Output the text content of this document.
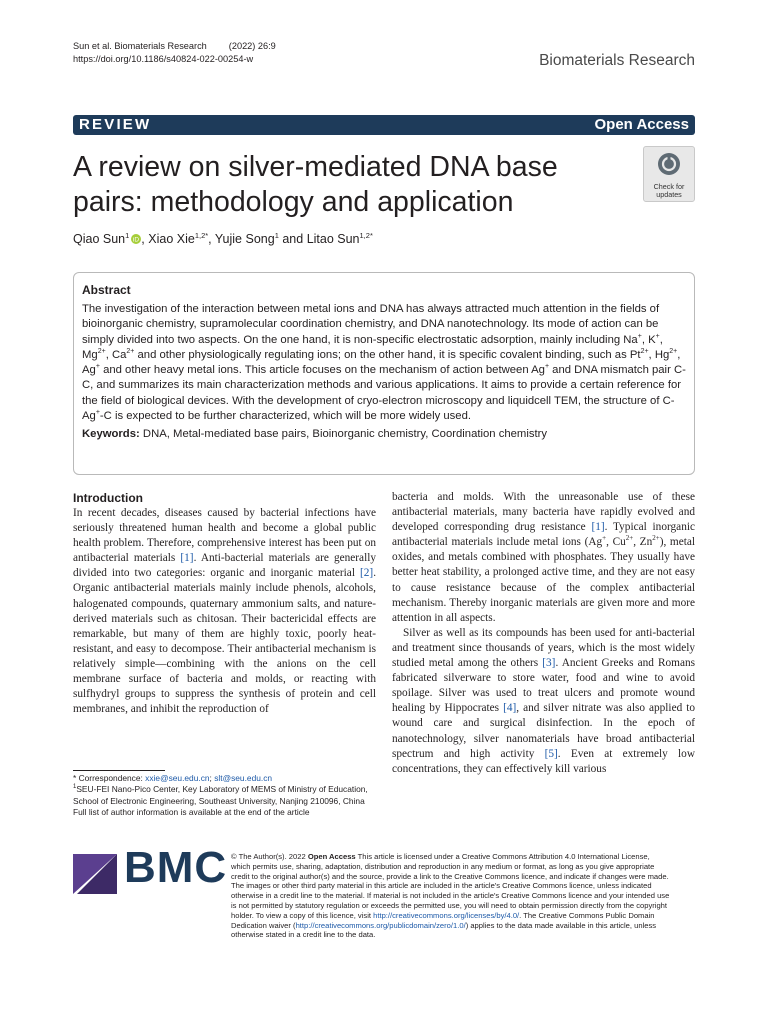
Sun et al. Biomaterials Research (2022) 26:9
https://doi.org/10.1186/s40824-022-00254-w	Biomaterials Research
REVIEW	Open Access
A review on silver-mediated DNA base pairs: methodology and application	Check for
updates
Qiao Sun$^1$
iD , Xiao Xie$^{1,2*}$, Yujie Song$^1$ and Litao Sun$^{1,2*}$
Abstract

The investigation of the interaction between metal ions and DNA has always attracted much attention in the fields of bioinorganic chemistry, supramolecular coordination chemistry, and DNA nanotechnology. Its mode of action can be simply divided into two aspects. On the one hand, it is non-specific electrostatic adsorption, mainly including Na+, K+, $Mg^{2+}$, $Ca^{2+}$ and other physiologically regulating ions; on the other hand, it is specific covalent binding, such as $Pt^{2+}$, $Hg^{2+}$, Ag+ and other heavy metal ions. This article focuses on the mechanism of action between Ag+ and DNA mismatch pair C-C, and summarizes its main characterization methods and various applications. It aims to provide a certain reference for the field of biological devices. With the development of cryo-electron microscopy and liquidcell TEM, the structure of C-Ag+-C is expected to be further characterized, which will be more widely used.

Keywords: DNA, Metal-mediated base pairs, Bioinorganic chemistry, Coordination chemistry
Introduction

In recent decades, diseases caused by bacterial infections have seriously threatened human health and become a global public health problem. Therefore, comprehensive interest has been put on antibacterial materials [1]. Anti-bacterial materials are generally divided into two categories: organic and inorganic material [2]. Organic antibacterial materials mainly include phenols, alcohols, halogenated compounds, quaternary ammonium salts, and nature-derived materials such as chitosan. Their bactericidal effects are remarkable, but many of them are highly toxic, poorly heat-resistant, and easy to decompose. Their antibacterial mechanism is relatively simple—combining with the anions on the cell membrane surface of bacteria and molds, or reacting with sulfhydryl groups to suppress the synthesis of protein and cell membranes, and inhibit the reproduction of

bacteria and molds. With the unreasonable use of these antibacterial materials, many bacteria have rapidly evolved and developed corresponding drug resistance [1]. Typical inorganic antibacterial materials include metal ions (Ag+, $Cu^{2+}$, $Zn^{2+}$), metal oxides, and metals combined with phosphates. They usually have better heat stability, a prolonged active time, and they are not easy to cause resistance because of the complex antibacterial mechanism. Thereby inorganic materials are given more and more attention in all aspects.

Silver as well as its compounds has been used for anti-bacterial and treatment since thousands of years, which is the most widely studied metal among the others [3]. Ancient Greeks and Romans fabricated silverware to store water, food and wine to avoid spoilage. Silver was used to treat ulcers and promote wound healing by Hippocrates [4], and silver nitrate was also applied to wound care and surgical disinfection. In the epoch of nanotechnology, silver nanomaterials have broad antibacterial spectrum and high activity [5]. Even at extremely low concentrations, they can effectively kill various

* Correspondence: xxie@seu.edu.cn; slt@seu.edu.cn
$^1$SEU-FEI Nano-Pico Center, Key Laboratory of MEMS of Ministry of Education, School of Electronic Engineering, Southeast University, Nanjing 210096, China
Full list of author information is available at the end of the article
BMC © The Author(s). 2022 Open Access This article is licensed under a Creative Commons Attribution 4.0 International License, which permits use, sharing, adaptation, distribution and reproduction in any medium or format, as long as you give appropriate credit to the original author(s) and the source, provide a link to the Creative Commons licence, and indicate if changes were made. The images or other third party material in this article are included in the article's Creative Commons licence, unless indicated otherwise in a credit line to the material. If material is not included in the article's Creative Commons licence and your intended use is not permitted by statutory regulation or exceeds the permitted use, you will need to obtain permission directly from the copyright holder. To view a copy of this licence, visit http://creativecommons.org/licenses/by/4.0/. The Creative Commons Public Domain Dedication waiver (http://creativecommons.org/publicdomain/zero/1.0/) applies to the data made available in this article, unless otherwise stated in a credit line to the data.
